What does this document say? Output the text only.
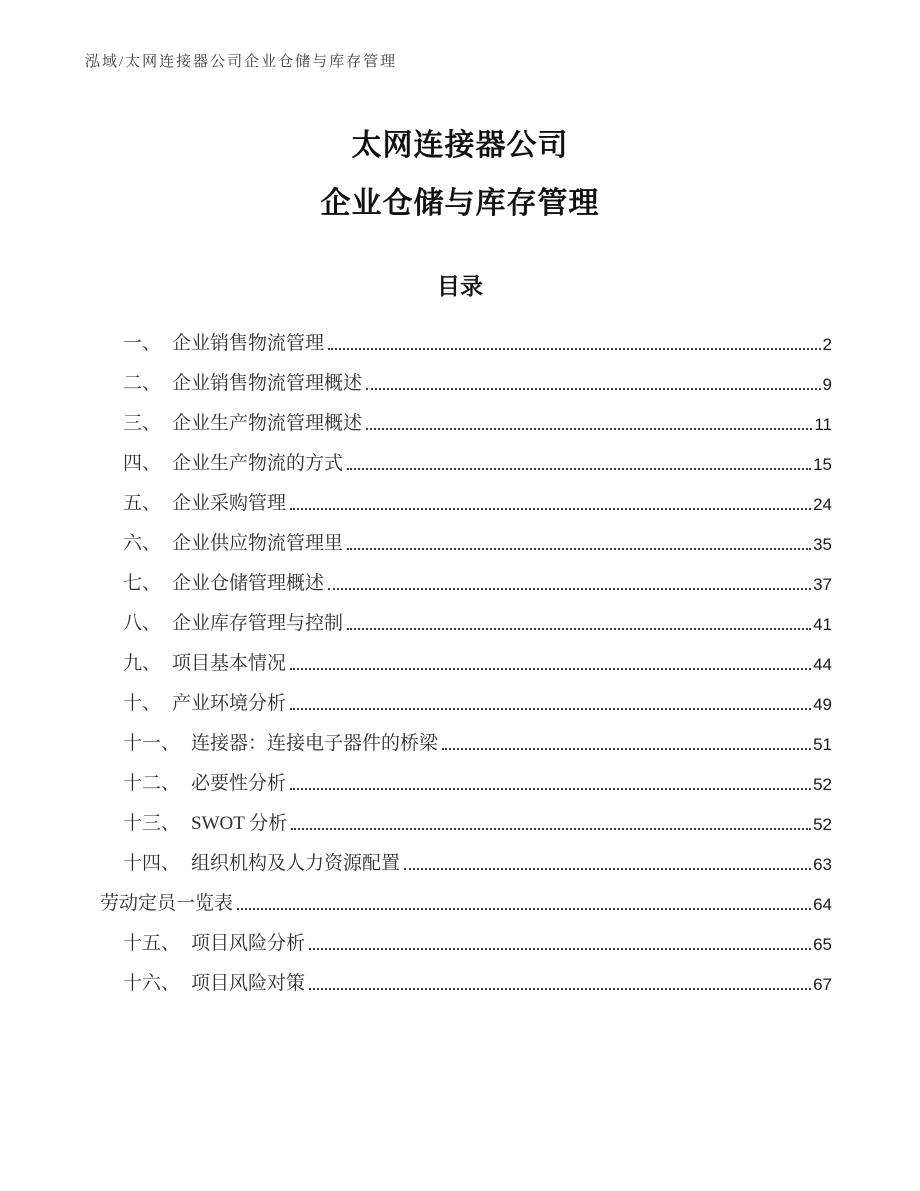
泓域/太网连接器公司企业仓储与库存管理
太网连接器公司
企业仓储与库存管理
目录
一、 企业销售物流管理	2
二、 企业销售物流管理概述	9
三、 企业生产物流管理概述	11
四、 企业生产物流的方式	15
五、 企业采购管理	24
六、 企业供应物流管理里	35
七、 企业仓储管理概述	37
八、 企业库存管理与控制	41
九、 项目基本情况	44
十、 产业环境分析	49
十一、 连接器：连接电子器件的桥梁	51
十二、 必要性分析	52
十三、 SWOT 分析	52
十四、 组织机构及人力资源配置	63
劳动定员一览表	64
十五、 项目风险分析	65
十六、 项目风险对策	67
